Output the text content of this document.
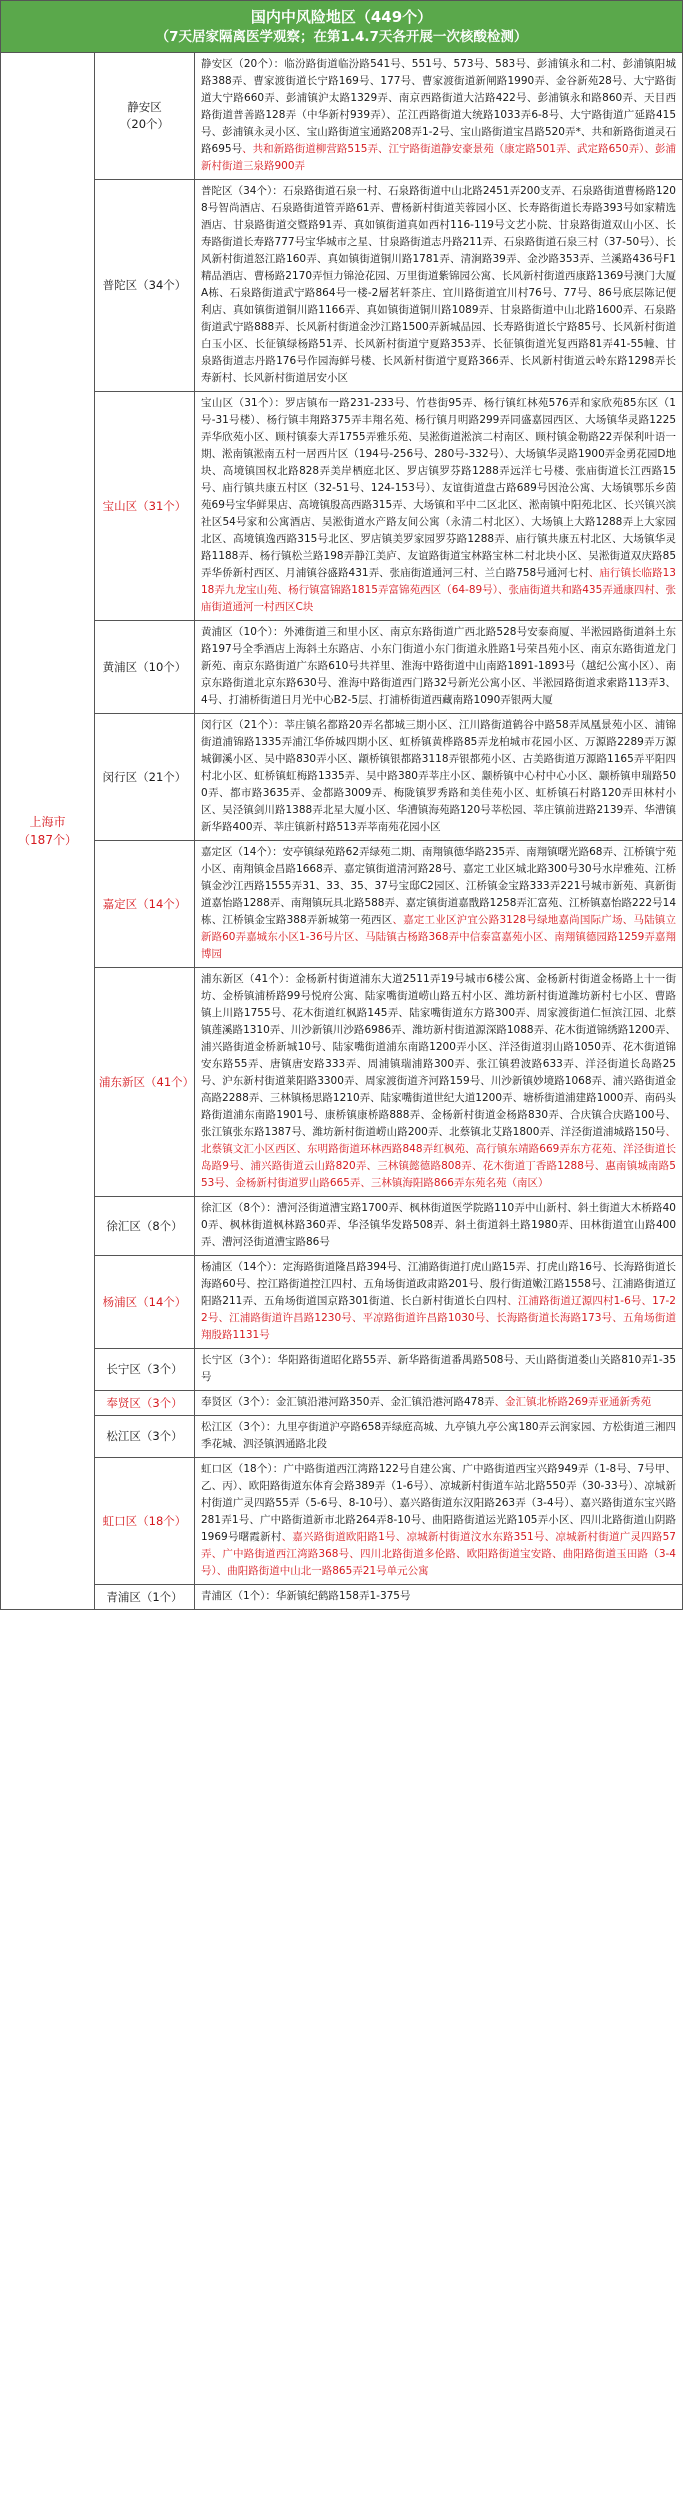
国内中风险地区（449个）
（7天居家隔离医学观察；在第1.4.7天各开展一次核酸检测）
上海市
（187个）
静安区
（20个）
静安区（20个）：临汾路街道临汾路541号、551号、573号、583号、彭浦镇永和二村、彭浦镇阳城路388弄、曹家渡街道长宁路169号、177号、曹家渡街道新闸路1990弄、金谷新苑28号、大宁路街道大宁路660弄、彭浦镇沪太路1329弄、南京西路街道大沽路422号、彭浦镇永和路860弄、天目西路街道普善路128弄（中华新村939弄）、芷江西路街道大统路1033弄6-8号、大宁路街道广延路415号、彭浦镇永灵小区、宝山路街道宝通路208弄1-2号、宝山路街道宝昌路520弄*、共和新路街道灵石路695号、共和新路街道柳营路515弄、江宁路街道静安豪景苑（康定路501弄、武定路650弄）、彭浦新村街道三泉路900弄
普陀区（34个）
普陀区（34个）：石泉路街道石泉一村、石泉路街道中山北路2451弄200支弄、石泉路街道曹杨路1208号智尚酒店、石泉路街道管弄路61弄、曹杨新村街道芙蓉园小区、长寿路街道长寿路393号如家精选酒店、甘泉路街道交暨路91弄、真如镇街道真如西村116-119号文艺小院、甘泉路街道双山小区、长寿路街道长寿路777号宝华城市之星、甘泉路街道志丹路211弄、石泉路街道石泉三村（37-50号）、长风新村街道怒江路160弄、真如镇街道铜川路1781弄、清涧路39弄、金沙路353弄、兰溪路436号F1精品酒店、曹杨路2170弄恒力锦沧花园、万里街道紫锦园公寓、长风新村街道西康路1369号澳门大厦A栋、石泉路街道武宁路864号一楼-2層茗轩茶庄、宜川路街道宜川村76号、77号、86号底层陈记便利店、真如镇街道铜川路1166弄、真如镇街道铜川路1089弄、甘泉路街道中山北路1600弄、石泉路街道武宁路888弄、长风新村街道金沙江路1500弄新城品园、长寿路街道长宁路85号、长风新村街道白玉小区、长征镇绿杨路51弄、长风新村街道宁夏路353弄、长征镇街道光复西路81弄41-55幢、甘泉路街道志丹路176号作园海鲜号楼、长风新村街道宁夏路366弄、长风新村街道云岭东路1298弄长寿新村、长风新村街道居安小区
宝山区（31个）
宝山区（31个）：罗店镇布一路231-233号、竹巷街95弄、杨行镇红林苑576弄和家欣苑85东区（1号-31号楼）、杨行镇丰翔路375弄丰翔名苑、杨行镇月明路299弄同盛嘉园西区、大场镇华灵路1225弄华欣苑小区、顾村镇泰大弄1755弄雅乐苑、吴淞街道淞滨二村南区、顾村镇金勒路22弄保利叶语一期、淞南镇淞南五村一居西片区（194号-256号、280号-332号）、大场镇华灵路1900弄金勇花园D地块、高境镇国权北路828弄美岸栖庭北区、罗店镇罗芬路1288弄远洋七号楼、张庙街道长江西路15号、庙行镇共康五村区（32-51号、124-153号）、友谊街道盘古路689号因沧公寓、大场镇鄂乐乡茵苑69号宝华鲜果店、高境镇殷高西路315弄、大场镇和平中二区北区、淞南镇中阳苑北区、长兴镇兴滨社区54号家和公寓酒店、吴淞街道水产路友间公寓（永清二村北区）、大场镇上大路1288弄上大家园北区、高境镇逸西路315号北区、罗店镇美罗家园罗芬路1288弄、庙行镇共康五村北区、大场镇华灵路1188弄、杨行镇松兰路198弄静江美庐、友谊路街道宝林路宝林二村北块小区、吴淞街道双庆路85弄华侨新村西区、月浦镇谷盛路431弄、张庙街道通河三村、兰白路758号通河七村、庙行镇长临路1318弄九龙宝山苑、杨行镇富锦路1815弄富锦苑西区（64-89号）、张庙街道共和路435弄通康四村、张庙街道通河一村西区C块
黄浦区（10个）
黄浦区（10个）：外滩街道三和里小区、南京东路街道广西北路528号安泰商厦、半淞园路街道斜土东路197号全季酒店上海斜土东路店、小东门街道小东门街道永胜路1号荣昌苑小区、南京东路街道龙门新苑、南京东路街道广东路610号共祥里、淮海中路街道中山南路1891-1893号（越纪公寓小区）、南京东路街道北京东路630号、淮海中路街道西门路32号新光公寓小区、半淞园路街道求索路113弄3、4号、打浦桥街道日月光中心B2-5层、打浦桥街道西藏南路1090弄银两大厦
闵行区（21个）
闵行区（21个）：莘庄镇名都路20弄名都城三期小区、江川路街道鹤谷中路58弄凤凰景苑小区、浦锦街道浦锦路1335弄浦江华侨城四期小区、虹桥镇黄桦路85弄龙柏城市花园小区、万源路2289弄万源城御溪小区、吴中路830弄小区、颛桥镇银都路3118弄银都苑小区、古美路街道万源路1165弄平阳四村北小区、虹桥镇虹梅路1335弄、吴中路380弄莘庄小区、颛桥镇中心村中心小区、颛桥镇申瑞路500弄、都市路3635弄、金都路3009弄、梅陇镇罗秀路和美佳苑小区、虹桥镇石村路120弄田林村小区、吴泾镇剑川路1388弄北星大厦小区、华漕镇海苑路120号莘松园、莘庄镇前进路2139弄、华漕镇新华路400弄、莘庄镇新村路513弄莘南苑花园小区
嘉定区（14个）
嘉定区（14个）：安亭镇绿苑路62弄绿苑二期、南翔镇德华路235弄、南翔镇曙光路68弄、江桥镇宁苑小区、南翔镇金昌路1668弄、嘉定镇街道清河路28号、嘉定工业区城北路300号30号水岸雅苑、江桥镇金沙江西路1555弄31、33、35、37号宝邸C2园区、江桥镇金宝路333弄221号城市新苑、真新街道嘉怡路1288弄、南翔镇玩具北路588弄、嘉定镇街道嘉戬路1258弄汇富苑、江桥镇嘉怡路222号14栋、江桥镇金宝路388弄新城第一苑西区、嘉定工业区沪宜公路3128号绿地嘉尚国际广场、马陆镇立新路60弄嘉城东小区1-36号片区、马陆镇古杨路368弄中信泰富嘉苑小区、南翔镇德园路1259弄嘉翔博园
浦东新区（41个）
浦东新区（41个）：金杨新村街道浦东大道2511弄19号城市6楼公寓、金杨新村街道金杨路上十一街坊、金桥镇浦桥路99号悦府公寓、陆家嘴街道崂山路五村小区、潍坊新村街道潍坊新村七小区、曹路镇上川路1755号、花木街道红枫路145弄、陆家嘴街道东方路300弄、周家渡街道仁恒滨江园、北蔡镇莲溪路1310弄、川沙新镇川沙路6986弄、潍坊新村街道源深路1088弄、花木街道锦绣路1200弄、浦兴路街道金桥新城10号、陆家嘴街道浦东南路1200弄小区、洋泾街道羽山路1050弄、花木街道锦安东路55弄、唐镇唐安路333弄、周浦镇瑞浦路300弄、张江镇碧波路633弄、洋泾街道长岛路25号、沪东新村街道莱阳路3300弄、周家渡街道齐河路159号、川沙新镇妙境路1068弄、浦兴路街道金高路2288弄、三林镇杨思路1210弄、陆家嘴街道世纪大道1200弄、塘桥街道浦建路1000弄、南码头路街道浦东南路1901号、康桥镇康桥路888弄、金杨新村街道金杨路830弄、合庆镇合庆路100号、张江镇张东路1387号、潍坊新村街道崂山路200弄、北蔡镇北艾路1800弄、洋泾街道浦城路150号、北蔡镇文汇小区西区、东明路街道环林西路848弄红枫苑、高行镇东靖路669弄东方花苑、洋泾街道长岛路9号、浦兴路街道云山路820弄、三林镇懿德路808弄、花木街道丁香路1288号、惠南镇城南路553号、金杨新村街道罗山路665弄、三林镇海阳路866弄东苑名苑（南区）
徐汇区（8个）
徐汇区（8个）：漕河泾街道漕宝路1700弄、枫林街道医学院路110弄中山新村、斜土街道大木桥路400弄、枫林街道枫林路360弄、华泾镇华发路508弄、斜土街道斜土路1980弄、田林街道宜山路400弄、漕河泾街道漕宝路86号
杨浦区（14个）
杨浦区（14个）：定海路街道隆昌路394号、江浦路街道打虎山路15弄、打虎山路16号、长海路街道长海路60号、控江路街道控江四村、五角场街道政肃路201号、殷行街道嫩江路1558号、江浦路街道辽阳路211弄、五角场街道国京路301街道、长白新村街道长白四村、江浦路街道辽源四村1-6号、17-22号、江浦路街道许昌路1230号、平凉路街道许昌路1030号、长海路街道长海路173号、五角场街道翔殷路1131号
长宁区（3个）
长宁区（3个）：华阳路街道昭化路55弄、新华路街道番禺路508号、天山路街道娄山关路810弄1-35号
奉贤区（3个）	奉贤区（3个）：金汇镇沿港河路350弄、金汇镇沿港河路478弄、金汇镇北桥路269弄亚通新秀苑
松江区（3个）
松江区（3个）：九里亭街道沪亭路658弄绿庭高城、九亭镇九亭公寓180弄云润家园、方松街道三湘四季花城、泗泾镇泗通路北段
虹口区（18个）
虹口区（18个）：广中路街道西江湾路122号自建公寓、广中路街道西宝兴路949弄（1-8号、7号甲、乙、丙）、欧阳路街道东体育会路389弄（1-6号）、凉城新村街道车站北路550弄（30-33号）、凉城新村街道广灵四路55弄（5-6号、8-10号）、嘉兴路街道东汉阳路263弄（3-4号）、嘉兴路街道东宝兴路281弄1号、广中路街道新市北路264弄8-10号、曲阳路街道运光路105弄小区、四川北路街道山阴路1969号曙霞新村、嘉兴路街道欧阳路1号、凉城新村街道汶水东路351号、凉城新村街道广灵四路57弄、广中路街道西江湾路368号、四川北路街道多伦路、欧阳路街道宝安路、曲阳路街道玉田路（3-4号）、曲阳路街道中山北一路865弄21号单元公寓
青浦区（1个）	青浦区（1个）：华新镇纪鹤路158弄1-375号
